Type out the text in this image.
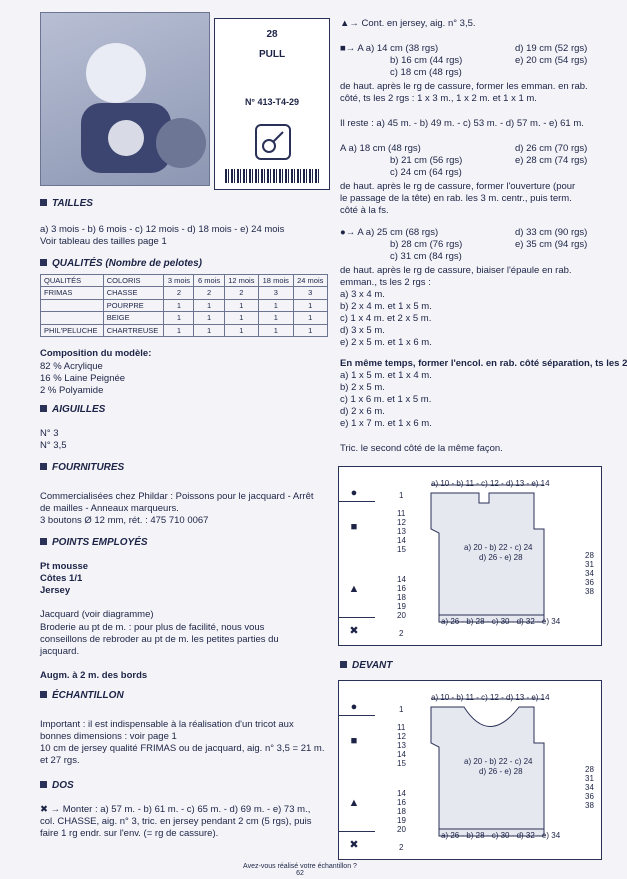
28
PULL
N° 413-T4-29
TAILLES
a) 3 mois - b) 6 mois - c) 12 mois - d) 18 mois - e) 24 mois
Voir tableau des tailles page 1
QUALITÉS (Nombre de pelotes)
QUALITÉS	COLORIS	3 mois	6 mois	12 mois	18 mois	24 mois
FRIMAS	CHASSE	2	2	2	3	3
	POURPRE	1	1	1	1	1
	BEIGE	1	1	1	1	1
PHIL'PELUCHE	CHARTREUSE	1	1	1	1	1
Composition du modèle:
82 % Acrylique
16 % Laine Peignée
2 % Polyamide
AIGUILLES
N° 3
N° 3,5
FOURNITURES
Commercialisées chez Phildar : Poissons pour le jacquard - Arrêt
de mailles - Anneaux marqueurs.
3 boutons Ø 12 mm, rét. : 475 710 0067
POINTS EMPLOYÉS
Pt mousse
Côtes 1/1
Jersey
Jacquard (voir diagramme)
Broderie au pt de m. : pour plus de facilité, nous vous
conseillons de rebroder au pt de m. les petites parties du
jacquard.
Augm. à 2 m. des bords
ÉCHANTILLON
Important : il est indispensable à la réalisation d'un tricot aux
bonnes dimensions : voir page 1
10 cm de jersey qualité FRIMAS ou de jacquard, aig. n° 3,5 = 21 m.
et 27 rgs.
DOS
✖ → Monter : a) 57 m. - b) 61 m. - c) 65 m. - d) 69 m. - e) 73 m.,
col. CHASSE, aig. n° 3, tric. en jersey pendant 2 cm (5 rgs), puis
faire 1 rg endr. sur l'env. (= rg de cassure).
▲→ Cont. en jersey, aig. n° 3,5.
■→ A a) 14 cm (38 rgs)
b) 16 cm (44 rgs)
c) 18 cm (48 rgs)
d) 19 cm (52 rgs)
e) 20 cm (54 rgs)
de haut. après le rg de cassure, former les emman. en rab.
côté, ts les 2 rgs : 1 x 3 m., 1 x 2 m. et 1 x 1 m.
Il reste : a) 45 m. - b) 49 m. - c) 53 m. - d) 57 m. - e) 61 m.
A a) 18 cm (48 rgs)
b) 21 cm (56 rgs)
c) 24 cm (64 rgs)
d) 26 cm (70 rgs)
e) 28 cm (74 rgs)
de haut. après le rg de cassure, former l'ouverture (pour
le passage de la tête) en rab. les 3 m. centr., puis term.
côté à la fs.
●→ A a) 25 cm (68 rgs)
b) 28 cm (76 rgs)
c) 31 cm (84 rgs)
d) 33 cm (90 rgs)
e) 35 cm (94 rgs)
de haut. après le rg de cassure, biaiser l'épaule en rab.
emman., ts les 2 rgs :
a) 3 x 4 m.
b) 2 x 4 m. et 1 x 5 m.
c) 1 x 4 m. et 2 x 5 m.
d) 3 x 5 m.
e) 2 x 5 m. et 1 x 6 m.
En même temps, former l'encol. en rab. côté séparation, ts les 2
a) 1 x 5 m. et 1 x 4 m.
b) 2 x 5 m.
c) 1 x 6 m. et 1 x 5 m.
d) 2 x 6 m.
e) 1 x 7 m. et 1 x 6 m.
Tric. le second côté de la même façon.
●
■
▲
✖
a) 10 - b) 11 - c) 12 - d) 13 - e) 14
a) 20 - b) 22 - c) 24
d) 26 - e) 28
a) 26 - b) 28 - c) 30 - d) 32 - e) 34
1
2
11
12
13
14
15
14
16
18
19
20
28
31
34
36
38
DEVANT
●
■
▲
✖
a) 10 - b) 11 - c) 12 - d) 13 - e) 14
a) 20 - b) 22 - c) 24
d) 26 - e) 28
a) 26 - b) 28 - c) 30 - d) 32 - e) 34
1
2
11
12
13
14
15
14
16
18
19
20
28
31
34
36
38
Avez-vous réalisé votre échantillon ?
62
